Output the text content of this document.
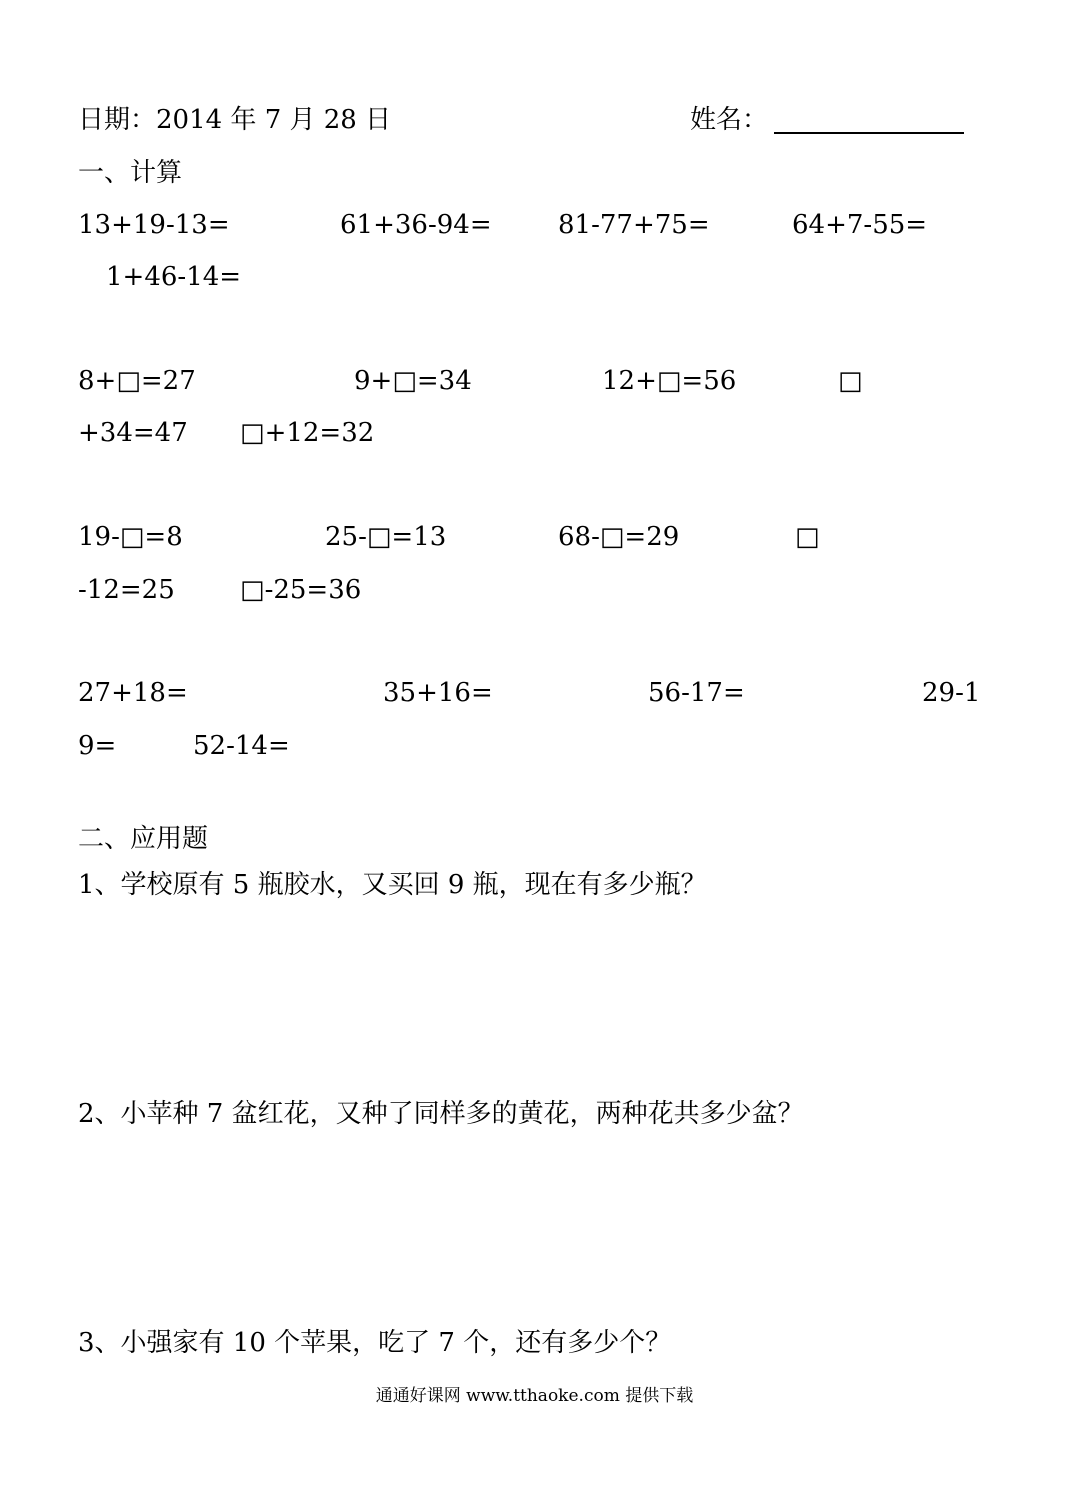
日期：2014 年 7 月 28 日	姓名：
一、计算
13+19-13=	61+36-94=	81-77+75=	64+7-55=
1+46-14=
8+□=27	9+□=34	12+□=56	□
+34=47 □+12=32
19-□=8	25-□=13	68-□=29	□
-12=25	□-25=36
27+18=	35+16=	56-17=	29-1
9=	52-14=
二、应用题
1、学校原有 5 瓶胶水，又买回 9 瓶，现在有多少瓶？
2、小苹种 7 盆红花，又种了同样多的黄花，两种花共多少盆？
3、小强家有 10 个苹果，吃了 7 个，还有多少个？
通通好课网 www.tthaoke.com 提供下载
